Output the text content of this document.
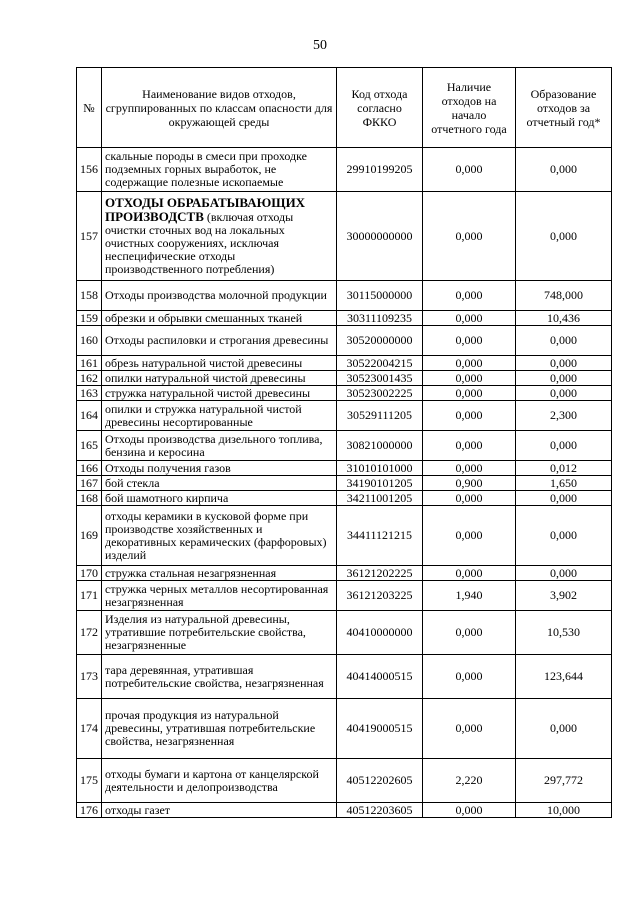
50
№	Наименование видов отходов, сгруппированных по классам опасности для окружающей среды	Код отхода согласно ФККО	Наличие отходов на начало отчетного года	Образование отходов за отчетный год*
156	скальные породы в смеси при проходке подземных горных выработок, не содержащие полезные ископаемые	29910199205	0,000	0,000
157	ОТХОДЫ ОБРАБАТЫВАЮЩИХ ПРОИЗВОДСТВ (включая отходы очистки сточных вод на локальных очистных сооружениях, исключая неспецифические отходы производственного потребления)	30000000000	0,000	0,000
158	Отходы производства молочной продукции	30115000000	0,000	748,000
159	обрезки и обрывки смешанных тканей	30311109235	0,000	10,436
160	Отходы распиловки и строгания древесины	30520000000	0,000	0,000
161	обрезь натуральной чистой древесины	30522004215	0,000	0,000
162	опилки натуральной чистой древесины	30523001435	0,000	0,000
163	стружка натуральной чистой древесины	30523002225	0,000	0,000
164	опилки и стружка натуральной чистой древесины несортированные	30529111205	0,000	2,300
165	Отходы производства дизельного топлива, бензина и керосина	30821000000	0,000	0,000
166	Отходы получения газов	31010101000	0,000	0,012
167	бой стекла	34190101205	0,900	1,650
168	бой шамотного кирпича	34211001205	0,000	0,000
169	отходы керамики в кусковой форме при производстве хозяйственных и декоративных керамических (фарфоровых) изделий	34411121215	0,000	0,000
170	стружка стальная незагрязненная	36121202225	0,000	0,000
171	стружка черных металлов несортированная незагрязненная	36121203225	1,940	3,902
172	Изделия из натуральной древесины, утратившие потребительские свойства, незагрязненные	40410000000	0,000	10,530
173	тара деревянная, утратившая потребительские свойства, незагрязненная	40414000515	0,000	123,644
174	прочая продукция из натуральной древесины, утратившая потребительские свойства, незагрязненная	40419000515	0,000	0,000
175	отходы бумаги и картона от канцелярской деятельности и делопроизводства	40512202605	2,220	297,772
176	отходы газет	40512203605	0,000	10,000
